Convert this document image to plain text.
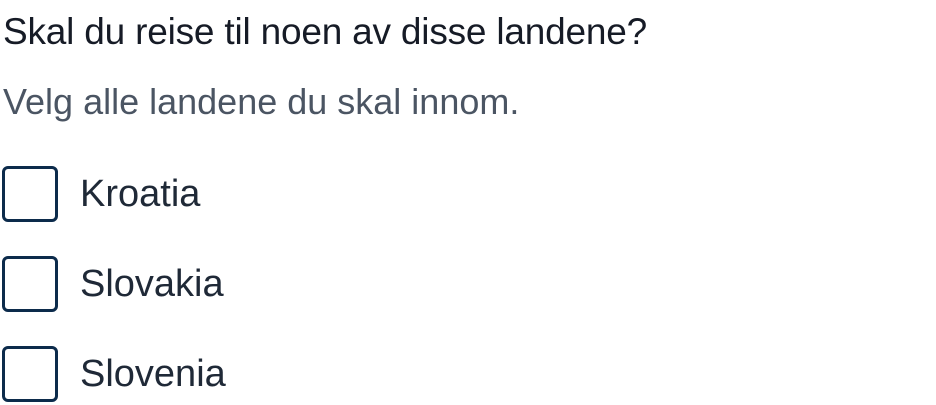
Skal du reise til noen av disse landene?
Velg alle landene du skal innom.
Kroatia
Slovakia
Slovenia
